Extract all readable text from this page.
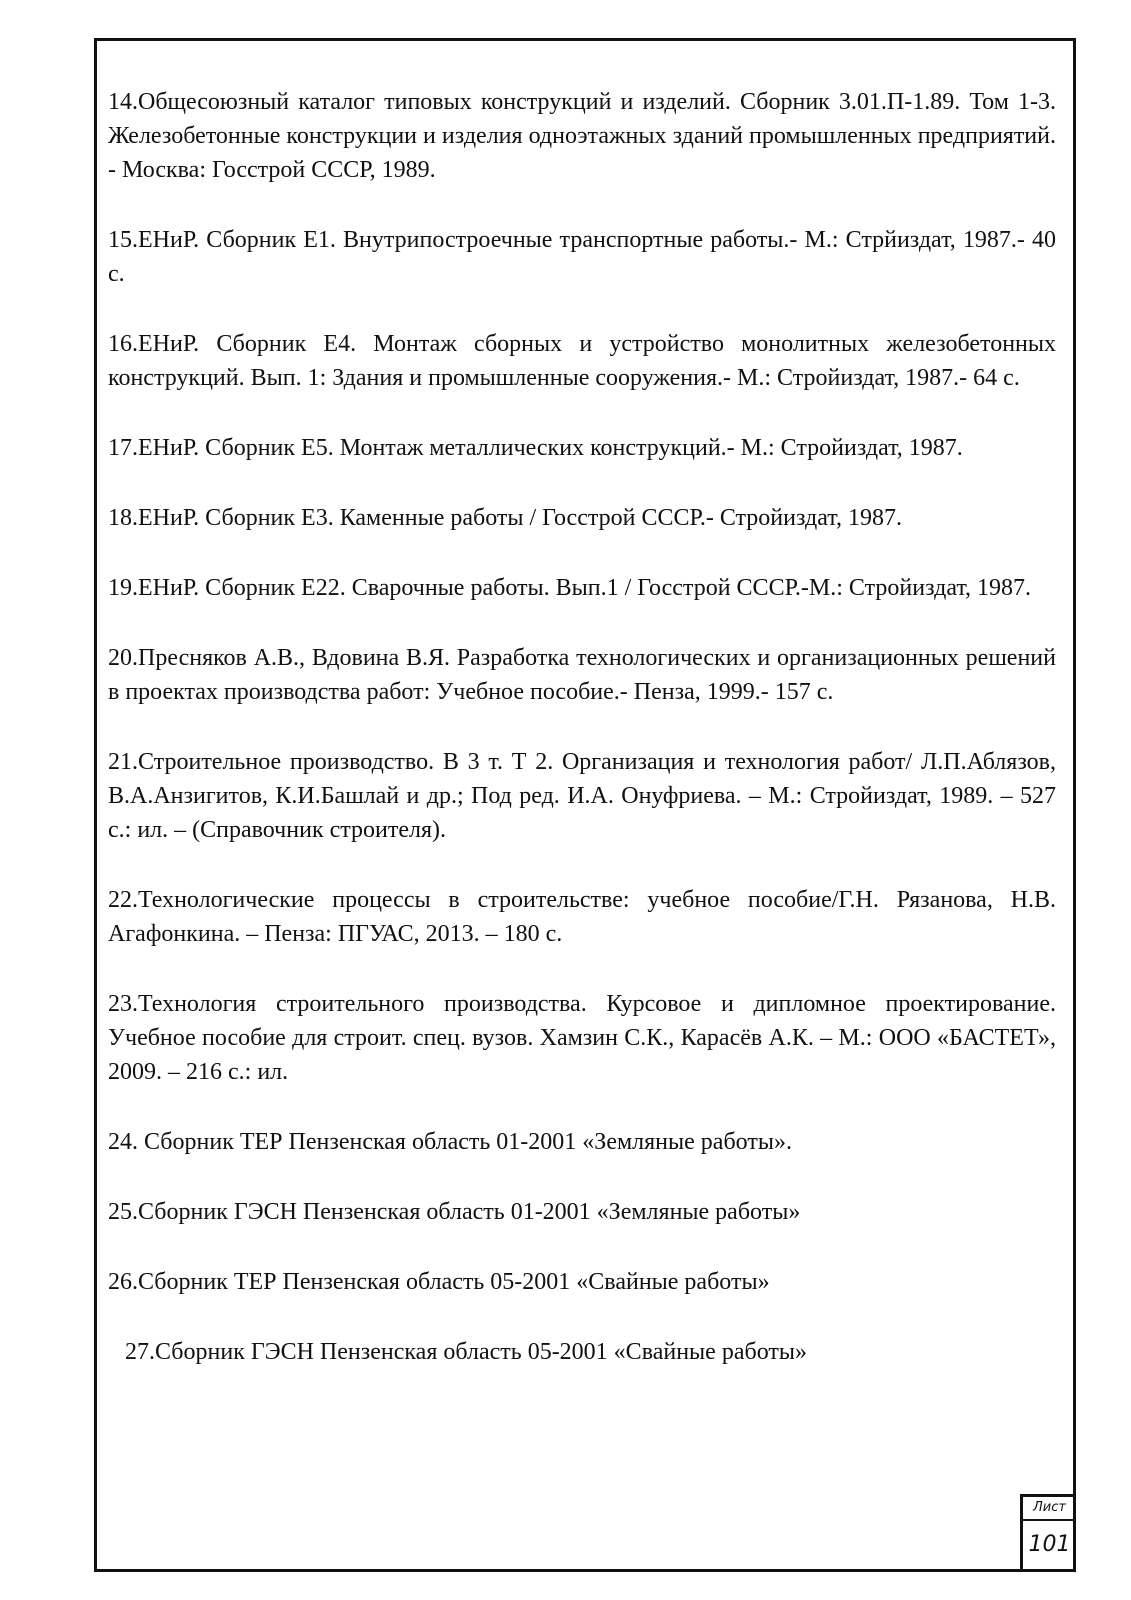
14.Общесоюзный каталог типовых конструкций и изделий. Сборник 3.01.П-1.89. Том 1-3. Железобетонные конструкции и изделия одноэтажных зданий промышленных предприятий. - Москва: Госстрой СССР, 1989.
15.ЕНиР. Сборник Е1. Внутрипостроечные транспортные работы.- М.: Стрйиздат, 1987.- 40 с.
16.ЕНиР. Сборник Е4. Монтаж сборных и устройство монолитных железобетонных конструкций. Вып. 1: Здания и промышленные сооружения.- М.: Стройиздат, 1987.- 64 с.
17.ЕНиР. Сборник Е5. Монтаж металлических конструкций.- М.: Стройиздат, 1987.
18.ЕНиР. Сборник Е3. Каменные работы / Госстрой СССР.- Стройиздат, 1987.
19.ЕНиР. Сборник Е22. Сварочные работы. Вып.1 / Госстрой СССР.-М.: Стройиздат, 1987.
20.Пресняков А.В., Вдовина В.Я. Разработка технологических и организационных решений в проектах производства работ: Учебное пособие.- Пенза, 1999.- 157 с.
21.Строительное производство. В 3 т. Т 2. Организация и технология работ/ Л.П.Аблязов, В.А.Анзигитов, К.И.Башлай и др.; Под ред. И.А. Онуфриева. – М.: Стройиздат, 1989. – 527 с.: ил. – (Справочник строителя).
22.Технологические процессы в строительстве: учебное пособие/Г.Н. Рязанова, Н.В. Агафонкина. – Пенза: ПГУАС, 2013. – 180 с.
23.Технология строительного производства. Курсовое и дипломное проектирование. Учебное пособие для строит. спец. вузов. Хамзин С.К., Карасёв А.К. – М.: ООО «БАСТЕТ», 2009. – 216 с.: ил.
24. Сборник ТЕР Пензенская область 01-2001 «Земляные работы».
25.Сборник ГЭСН Пензенская область 01-2001 «Земляные работы»
26.Сборник ТЕР Пензенская область 05-2001 «Свайные работы»
27.Сборник ГЭСН Пензенская область 05-2001 «Свайные работы»
Лист
101
